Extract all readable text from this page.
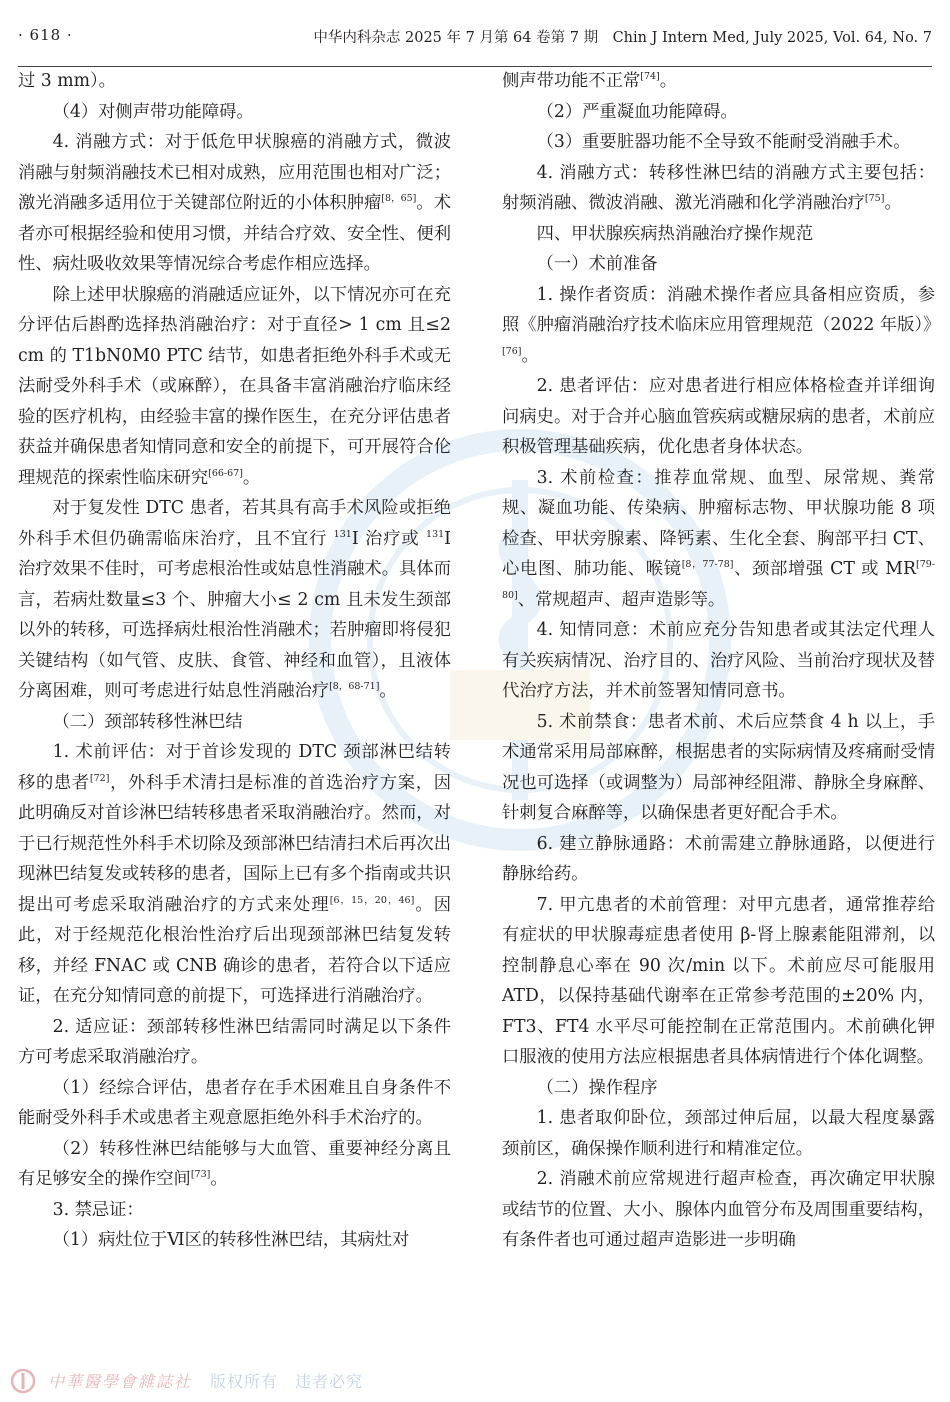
· 618 ·	中华内科杂志 2025 年 7 月第 64 卷第 7 期　Chin J Intern Med, July 2025, Vol. 64, No. 7

过 3 mm）。

（4）对侧声带功能障碍。

4. 消融方式：对于低危甲状腺癌的消融方式，微波消融与射频消融技术已相对成熟，应用范围也相对广泛；激光消融多适用位于关键部位附近的小体积肿瘤[8，65]。术者亦可根据经验和使用习惯，并结合疗效、安全性、便利性、病灶吸收效果等情况综合考虑作相应选择。

除上述甲状腺癌的消融适应证外，以下情况亦可在充分评估后斟酌选择热消融治疗：对于直径> 1 cm 且≤2 cm 的 T1bN0M0 PTC 结节，如患者拒绝外科手术或无法耐受外科手术（或麻醉），在具备丰富消融治疗临床经验的医疗机构，由经验丰富的操作医生，在充分评估患者获益并确保患者知情同意和安全的前提下，可开展符合伦理规范的探索性临床研究[66-67]。

对于复发性 DTC 患者，若其具有高手术风险或拒绝外科手术但仍确需临床治疗，且不宜行 $^{131}$I 治疗或 $^{131}$I 治疗效果不佳时，可考虑根治性或姑息性消融术。具体而言，若病灶数量≤3 个、肿瘤大小≤ 2 cm 且未发生颈部以外的转移，可选择病灶根治性消融术；若肿瘤即将侵犯关键结构（如气管、皮肤、食管、神经和血管），且液体分离困难，则可考虑进行姑息性消融治疗[8，68-71]。

（二）颈部转移性淋巴结

1. 术前评估：对于首诊发现的 DTC 颈部淋巴结转移的患者[72]，外科手术清扫是标准的首选治疗方案，因此明确反对首诊淋巴结转移患者采取消融治疗。然而，对于已行规范性外科手术切除及颈部淋巴结清扫术后再次出现淋巴结复发或转移的患者，国际上已有多个指南或共识提出可考虑采取消融治疗的方式来处理[6，15，20，46]。因此，对于经规范化根治性治疗后出现颈部淋巴结复发转移，并经 FNAC 或 CNB 确诊的患者，若符合以下适应证，在充分知情同意的前提下，可选择进行消融治疗。

2. 适应证：颈部转移性淋巴结需同时满足以下条件方可考虑采取消融治疗。

（1）经综合评估，患者存在手术困难且自身条件不能耐受外科手术或患者主观意愿拒绝外科手术治疗的。

（2）转移性淋巴结能够与大血管、重要神经分离且有足够安全的操作空间[73]。

3. 禁忌证：

（1）病灶位于Ⅵ区的转移性淋巴结，其病灶对

侧声带功能不正常[74]。

（2）严重凝血功能障碍。

（3）重要脏器功能不全导致不能耐受消融手术。

4. 消融方式：转移性淋巴结的消融方式主要包括：射频消融、微波消融、激光消融和化学消融治疗[75]。

四、甲状腺疾病热消融治疗操作规范

（一）术前准备

1. 操作者资质：消融术操作者应具备相应资质，参照《肿瘤消融治疗技术临床应用管理规范（2022 年版）》[76]。

2. 患者评估：应对患者进行相应体格检查并详细询问病史。对于合并心脑血管疾病或糖尿病的患者，术前应积极管理基础疾病，优化患者身体状态。

3. 术前检查：推荐血常规、血型、尿常规、粪常规、凝血功能、传染病、肿瘤标志物、甲状腺功能 8 项检查、甲状旁腺素、降钙素、生化全套、胸部平扫 CT、心电图、肺功能、喉镜[8，77-78]、颈部增强 CT 或 MR[79-80]、常规超声、超声造影等。

4. 知情同意：术前应充分告知患者或其法定代理人有关疾病情况、治疗目的、治疗风险、当前治疗现状及替代治疗方法，并术前签署知情同意书。

5. 术前禁食：患者术前、术后应禁食 4 h 以上，手术通常采用局部麻醉，根据患者的实际病情及疼痛耐受情况也可选择（或调整为）局部神经阻滞、静脉全身麻醉、针刺复合麻醉等，以确保患者更好配合手术。

6. 建立静脉通路：术前需建立静脉通路，以便进行静脉给药。

7. 甲亢患者的术前管理：对甲亢患者，通常推荐给有症状的甲状腺毒症患者使用 β-肾上腺素能阻滞剂，以控制静息心率在 90 次/min 以下。术前应尽可能服用 ATD，以保持基础代谢率在正常参考范围的±20% 内，FT3、FT4 水平尽可能控制在正常范围内。术前碘化钾口服液的使用方法应根据患者具体病情进行个体化调整。

（二）操作程序

1. 患者取仰卧位，颈部过伸后屈，以最大程度暴露颈前区，确保操作顺利进行和精准定位。

2. 消融术前应常规进行超声检查，再次确定甲状腺或结节的位置、大小、腺体内血管分布及周围重要结构，有条件者也可通过超声造影进一步明确

中華醫學會雜誌社 版权所有　违者必究
